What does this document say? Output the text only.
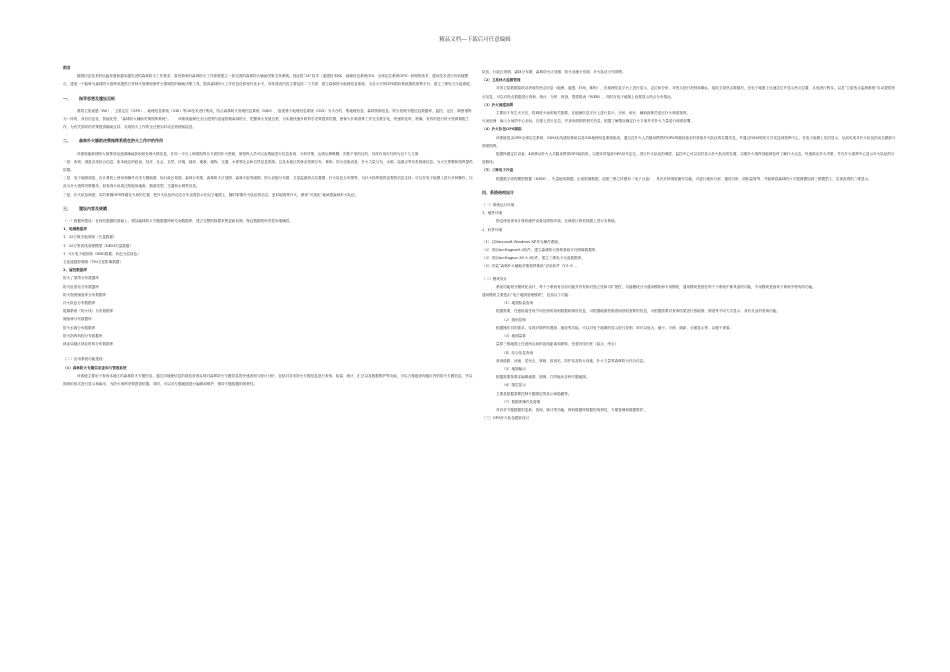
精品文档---下载后可任意编辑

前言

随着信息技术的迅猛发展和越来越先进的森林防火工作要求，原有简单的森林防火工作需要建立一套完善的森林防火辅助决策支持系统。因此将“3S”技术（遥感技术RS、地理信息系统GIS、全球定位系统GPS）和网络技术、通讯技术进行有机地整合，建成一个能够为森林防火指挥部提供日常林火管理和事件火情调控的辅助决策工具，提高森林防火工作信息化和现代化水平，具体建设内容主要包括二个方面：建立森林防火地理信息系统，为各火灾的GPS跟踪系统提供指挥平台；建立三维电子沙盘系统。

一、　　指导思想及建设目标

要将卫星遥感（RS）、卫星定位（GPS）、地理信息系统（GIS）等3S技术进行集成，结合森林防火管理信息系统（MIS），组建基于地理信息系统（GIS）为平台的，集地理信息、森林资源信息、防火管理专题信息数据库，监控、定位、调度指挥为一体的，具有信息化、智能化等，“森林防火辅助决策指挥系统”。　　该系统能够在全区范围内直接管理森林防火，把握林火发展态势，为实施快速扑救科学决策提供依据，使林火扑救指挥工作完全数字化，快速的及时、准确、有效的进行防火资源调配工作，为有关领导的决策提供辅助支持，实现防火工作的全过程实时动态管理和监控。

二、　　森林扑火辅助决策指挥系统在防火工作中的作用

该系统能够使防火指挥部迅速准确地获取和处理火情信息，在同一平台上调度指挥各方面的扑火资源，使指挥人员可以直观地进行信息查询、分析决策，达到运筹帷幄、决胜千里的目的，具体作用可归纳为以下几方面：

一是：查询、浏览各类综合信息，如本地区的政治、经济、社会、自然、环境、地形、地貌、地物、交通、水系等社会和自然信息资源，以及本地区的林业资源分布、林相、防火设施设备、扑火力量分布、水源、监测点等各类基础信息，为火灾预警和指挥提供依据。

二是：电子地图浏览、在计算机上使用和操作各类专题地图，如行政区划图、森林分布图、森林防火区划图、森林火险等级图、防火设施分布图、卫星监测热点位置图、扑火队伍分布图等，为扑火指挥提供直观的信息支持，可以在电子地图上进行多种操作，以此为扑火指挥决策服务，如查询火场周边的地形地貌、植被类型、交通和水源等信息。

三是：扑火队伍调度，实时掌握GPS终端在火场的位置，把扑火队伍的动态分布直观显示在电子地图上，随时掌握扑火队伍的动态，更好地指挥扑火，做到“可视化”地调度森林扑火队伍。

三、　　建设内容及规模

（一）数据库建设：在现有数据的基础上，增加森林防火专题数据库和空间数据库，建立完整的数据采集更新机制，保证数据的时效性和准确性。

1、地图数据库

1：25万数字地形图（矢量数据）

1：25万等高线高程模型（DEM矢量数据）

1：5万电子地形图（DRG数据、彩色分层设色）

卫星遥感影像图（TM卫星影像数据）

2、属性数据库

防火了望塔分布数据库

防火检查站分布数据库

防火物资储备库分布数据库

扑火队伍分布数据库

阻隔系统（防火线）分布数据库

储备林分布数据库

防火水源分布数据库

防火指挥机构分布数据库

林业局辖区林业机构分布数据库

（二）应用系统功能建设：

（1）森林防火专题信息查询与管理系统

该系统主要用于查询本地区的森林防火专题信息，通过对地理信息的浏览查询实现对森林防火专题信息的快速查询与统计分析，包括对各类防火专题信息进行查询、检索、统计、汇总以及数据维护等功能，可以方便地查询辖区内的防火专题信息，并以图表的形式进行显示和输出，为防火指挥决策提供依据。同时，可以对专题地图进行编辑和维护，保持专题数据的现势性。

队伍、行政区划图、森林分布图、森林防火区划图、防火设施分布图、扑火队伍分布图等。

（2）卫星林火监测管理

对省卫星数据接收站获取的热点信息（地理、遥感、时间、林相），在地理信息平台上进行显示、定位和分析，对热点进行判别和确认，接收卫星热点数据后，在电子地图上迅速定位并显示热点位置，从而进行核实，以及“卫星热点监测系统”自动提供热点信息，可以对热点数据进行查询、统计、分析、核查，提供报表（WEB），同时在电子地图上直观显示热点分布情况。

（3）扑火调度指挥

主要用于发生火灾后，将调度火场的相关数据，在地理信息平台上进行显示、分析、统计，辅助指挥员进行扑火调度指挥。

火场处理：输入火场的中心坐标，在图上进行定位，并查询周围的相关信息，根据了解情况确定扑火方案并对扑火力量进行调度部署。

（4）扑火队伍GPS跟踪

该系统是由GPS全球定位系统、GSM无线通信系统以及GIS地理信息系统组成，通过在扑火人员随身携带的GPS终端设备实时获取扑火队伍的位置信息，并通过GSM短信方式发送到指挥中心，在电子地图上实时显示，从而实现对扑火队伍的动态跟踪与调度指挥。

配置终端定位设备，4套移动扑火人员随身携带GPS接收机，以便实时接收GPS信号定位，进行扑火队伍的调度，监控中心可以实时显示扑火队伍的位置，以便扑火指挥部能够及时了解扑火动态，快速做出扑火决策，并在扑火指挥中心显示扑火队伍的行进路线。

（5）三维电子沙盘

根据数字高程模型数据（DEM），矢量地形数据，正射影像数据，创建三维立体图形（电子沙盘），具有多种浏览操作功能，可进行地形分析、通视分析、面积量算等，并能够将森林防火专题图叠加到三维模型上，实现直观的三维显示。

四、系统结构设计

（一）系统运行环境

1、硬件环境

指定使用现有计算机硬件设备及网络环境，在调度计算机终端上进行本系统。

2、软件环境

（1）以Microsoft Windows XP作为操作系统。

（2）采用ArcEngine9.3软件，建立森林防火指挥基础平台图像数据库。

（3）采用ArcEngine 3D 9.3软件，建立三维电子沙盘数据库。

（5）安装“森林扑火辅助决策指挥系统”应用软件（V1.0）。

（二）模块设计

系统功能划分模块化设计，每个子系统有自治功能并具有相对独立性和可扩展性，功能模块分为通用模块和专用模块，通用模块是指在每个子系统中都具备的功能，专用模块是指该子系统中特有的功能。

通用模块主要是由“电子地图管理模块”，包括以下功能：

（1）地图检索查询

根据需要，任意检索任何不同比例的查询数据和图形信息，可根据地图控制查询获取需要的信息，可根据需要对查询结果进行按地图、图表等不同方式显示，具有灵活的查询功能。

（2）图形控制

根据操作员的需求，实现对图件的漫游、缩放等功能，可以对电子地图的显示进行控制，即可以放大、缩小、平移、刷新、全图显示等，以便于观看。

（3）地图量算

量算三维地图上任意两点间的直线距离和面积，任意折线长度（起点、终点）

（4）综合信息查询

查询道路、河流、居民点、林相、检查站、防护站及防火设施、扑火力量等森林防火综合信息。

（5）地图输出

根据需要按要求编辑地图，图例、打印输出各种专题地图。

（6）图层显示

主要是根据需要控制专题图层的显示和隐藏等。

（7）数据库操作及管理

具有对专题数据的更新、查询、统计等功能，保持数据库数据的现势性，方便管理和数据维护。

（三）GPS扑火队伍跟踪设计
